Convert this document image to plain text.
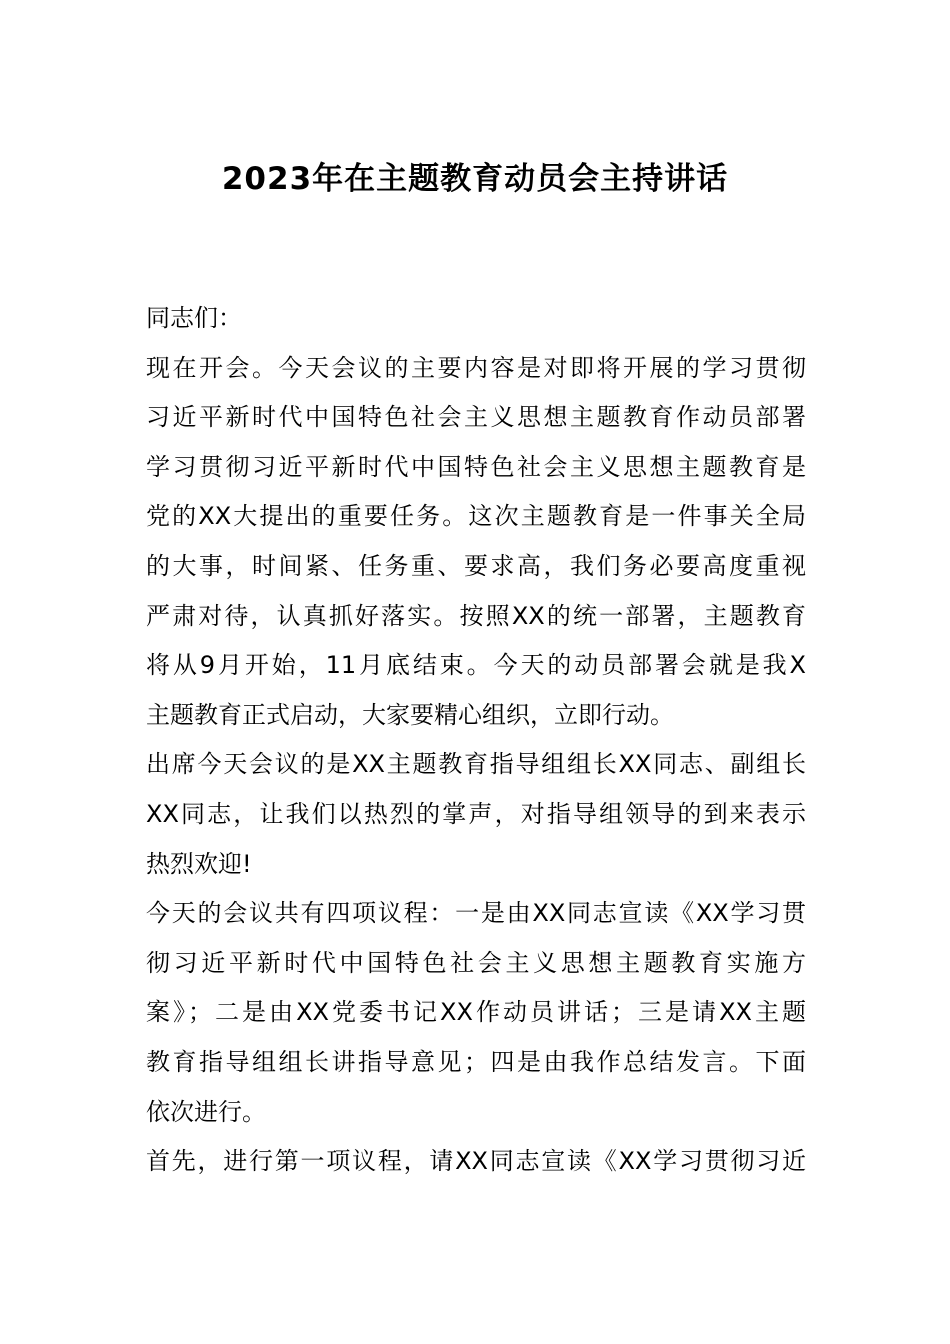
2023年在主题教育动员会主持讲话
同志们：
现在开会。今天会议的主要内容是对即将开展的学习贯彻
习近平新时代中国特色社会主义思想主题教育作动员部署
学习贯彻习近平新时代中国特色社会主义思想主题教育是
党的XX大提出的重要任务。这次主题教育是一件事关全局
的大事，时间紧、任务重、要求高，我们务必要高度重视
严肃对待，认真抓好落实。按照XX的统一部署，主题教育
将从9月开始，11月底结束。今天的动员部署会就是我X
主题教育正式启动，大家要精心组织，立即行动。
出席今天会议的是XX主题教育指导组组长XX同志、副组长
XX同志，让我们以热烈的掌声，对指导组领导的到来表示
热烈欢迎!
今天的会议共有四项议程：一是由XX同志宣读《XX学习贯
彻习近平新时代中国特色社会主义思想主题教育实施方
案》；二是由XX党委书记XX作动员讲话；三是请XX主题
教育指导组组长讲指导意见；四是由我作总结发言。下面
依次进行。
首先，进行第一项议程，请XX同志宣读《XX学习贯彻习近
